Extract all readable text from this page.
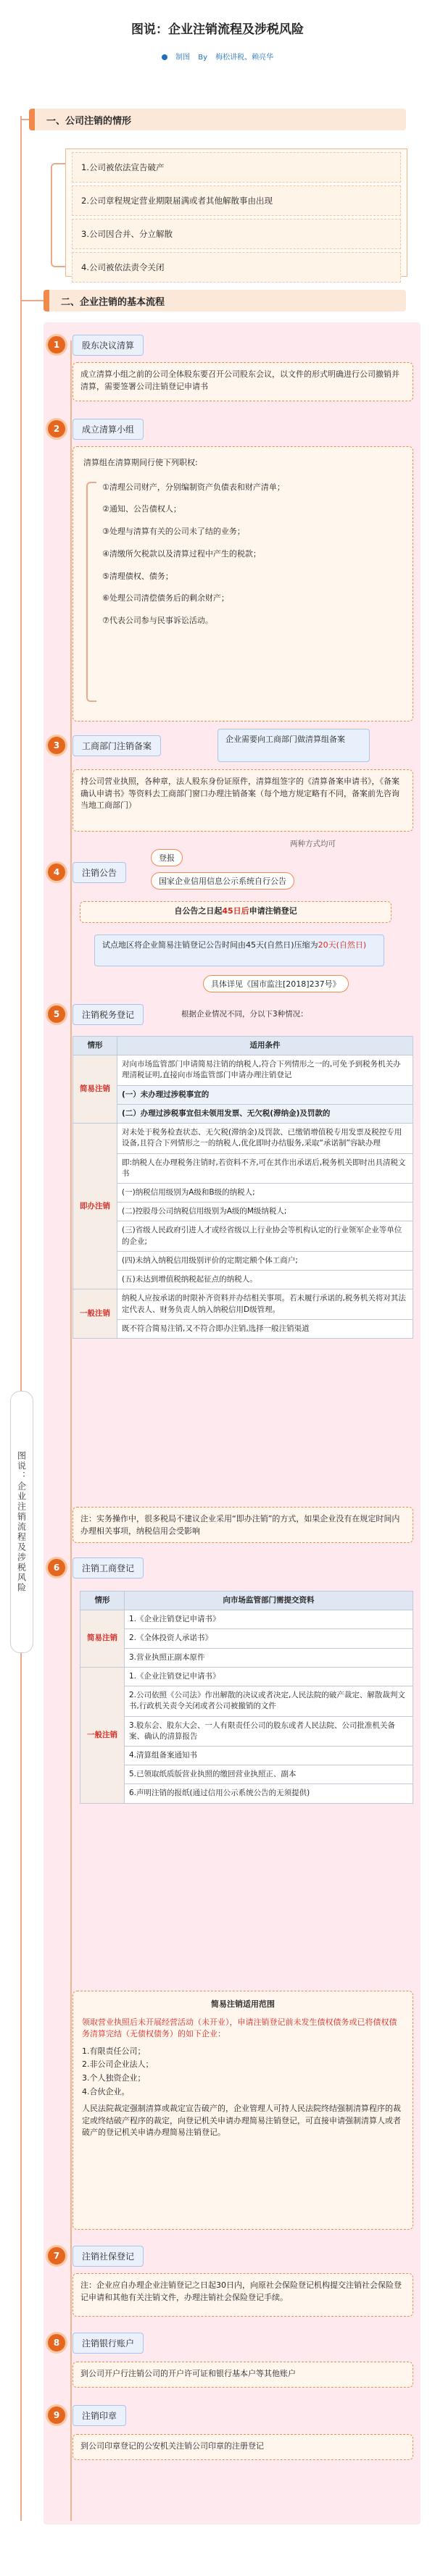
图说：企业注销流程及涉税风险
制图 By 梅松讲税、赖亮华
图说：企业注销流程及涉税风险
一、公司注销的情形
1.公司被依法宣告破产
2.公司章程规定营业期限届满或者其他解散事由出现
3.公司因合并、分立解散
4.公司被依法责令关闭
二、企业注销的基本流程
1	股东决议清算
成立清算小组之前的公司全体股东要召开公司股东会议，以文件的形式明确进行公司撤销并清算，需要签署公司注销登记申请书
2	成立清算小组
清算组在清算期间行使下列职权:
①清理公司财产，分别编制资产负债表和财产清单；
②通知、公告债权人；
③处理与清算有关的公司未了结的业务；
④清缴所欠税款以及清算过程中产生的税款；
⑤清理债权、债务；
⑥处理公司清偿债务后的剩余财产；
⑦代表公司参与民事诉讼活动。
3	工商部门注销备案
企业需要向工商部门做清算组备案
持公司营业执照，各种章，法人股东身份证原件，清算组签字的《清算备案申请书》，《备案确认申请书》等资料去工商部门窗口办理注销备案（每个地方规定略有不同，备案前先咨询当地工商部门）
4	注销公告
登报
国家企业信用信息公示系统自行公告
两种方式均可
自公告之日起45日后申请注销登记
试点地区将企业简易注销登记公告时间由45天(自然日)压缩为20天(自然日)
具体详见《国市监注[2018]237号》
5	注销税务登记	根据企业情况不同，分以下3种情况：
情形	适用条件
简易注销	对向市场监管部门申请简易注销的纳税人,符合下列情形之一的,可免予到税务机关办理清税证明,直接向市场监管部门申请办理注销登记
	(一）未办理过涉税事宜的
	(二）办理过涉税事宜但未领用发票、无欠税(滞纳金)及罚款的
即办注销	对未处于税务检查状态、无欠税(滞纳金)及罚款、已缴销增值税专用发票及税控专用设备,且符合下列情形之一的纳税人,优化即时办结服务,采取“承诺制”容缺办理
	即:纳税人在办理税务注销时,若资料不齐,可在其作出承诺后,税务机关即时出具清税文书
	(一)纳税信用级别为A级和B级的纳税人;
	(二)控股母公司纳税信用级别为A级的M级纳税人;
	(三)省级人民政府引进人才或经省级以上行业协会等机构认定的行业领军企业等单位的企业;
	(四)未纳入纳税信用级别评价的定期定额个体工商户;
	(五)未达到增值税纳税起征点的纳税人。
一般注销	纳税人应按承诺的时限补齐资料并办结相关事项。若未履行承诺的,税务机关将对其法定代表人、财务负责人纳入纳税信用D级管理。
	既不符合简易注销,又不符合即办注销,选择一般注销渠道
注：实务操作中，很多税局不建议企业采用“即办注销”的方式，如果企业没有在规定时间内办理相关事项，纳税信用会受影响
6	注销工商登记
情形	向市场监管部门需提交资料
简易注销	1.《企业注销登记申请书》
	2.《全体投资人承诺书》
	3.营业执照正副本原件
一般注销	1.《企业注销登记申请书》
	2.公司依照《公司法》作出解散的决议或者决定,人民法院的破产裁定、解散裁判文书,行政机关责令关闭或者公司被撤销的文件
	3.股东会、股东大会、一人有限责任公司的股东或者人民法院、公司批准机关备案、确认的清算报告
	4.清算组备案通知书
	5.已领取纸质版营业执照的缴回营业执照正、副本
	6.声明注销的报纸(通过信用公示系统公告的无须提供)
简易注销适用范围
领取营业执照后未开展经营活动（未开业），申请注销登记前未发生债权债务或已将债权债务清算完结（无债权债务）的如下企业：
1.有限责任公司；
2.非公司企业法人；
3.个人独资企业；
4.合伙企业。
人民法院裁定强制清算或裁定宣告破产的，企业管理人可持人民法院终结强制清算程序的裁定或终结破产程序的裁定，向登记机关申请办理简易注销登记，可直接申请强制清算人或者破产的登记机关申请办理简易注销登记。
7	注销社保登记
注：企业应自办理企业注销登记之日起30日内，向原社会保险登记机构提交注销社会保险登记申请和其他有关注销文件，办理注销社会保险登记手续。
8	注销银行账户
到公司开户行注销公司的开户许可证和银行基本户等其他账户
9	注销印章
到公司印章登记的公安机关注销公司印章的注册登记
